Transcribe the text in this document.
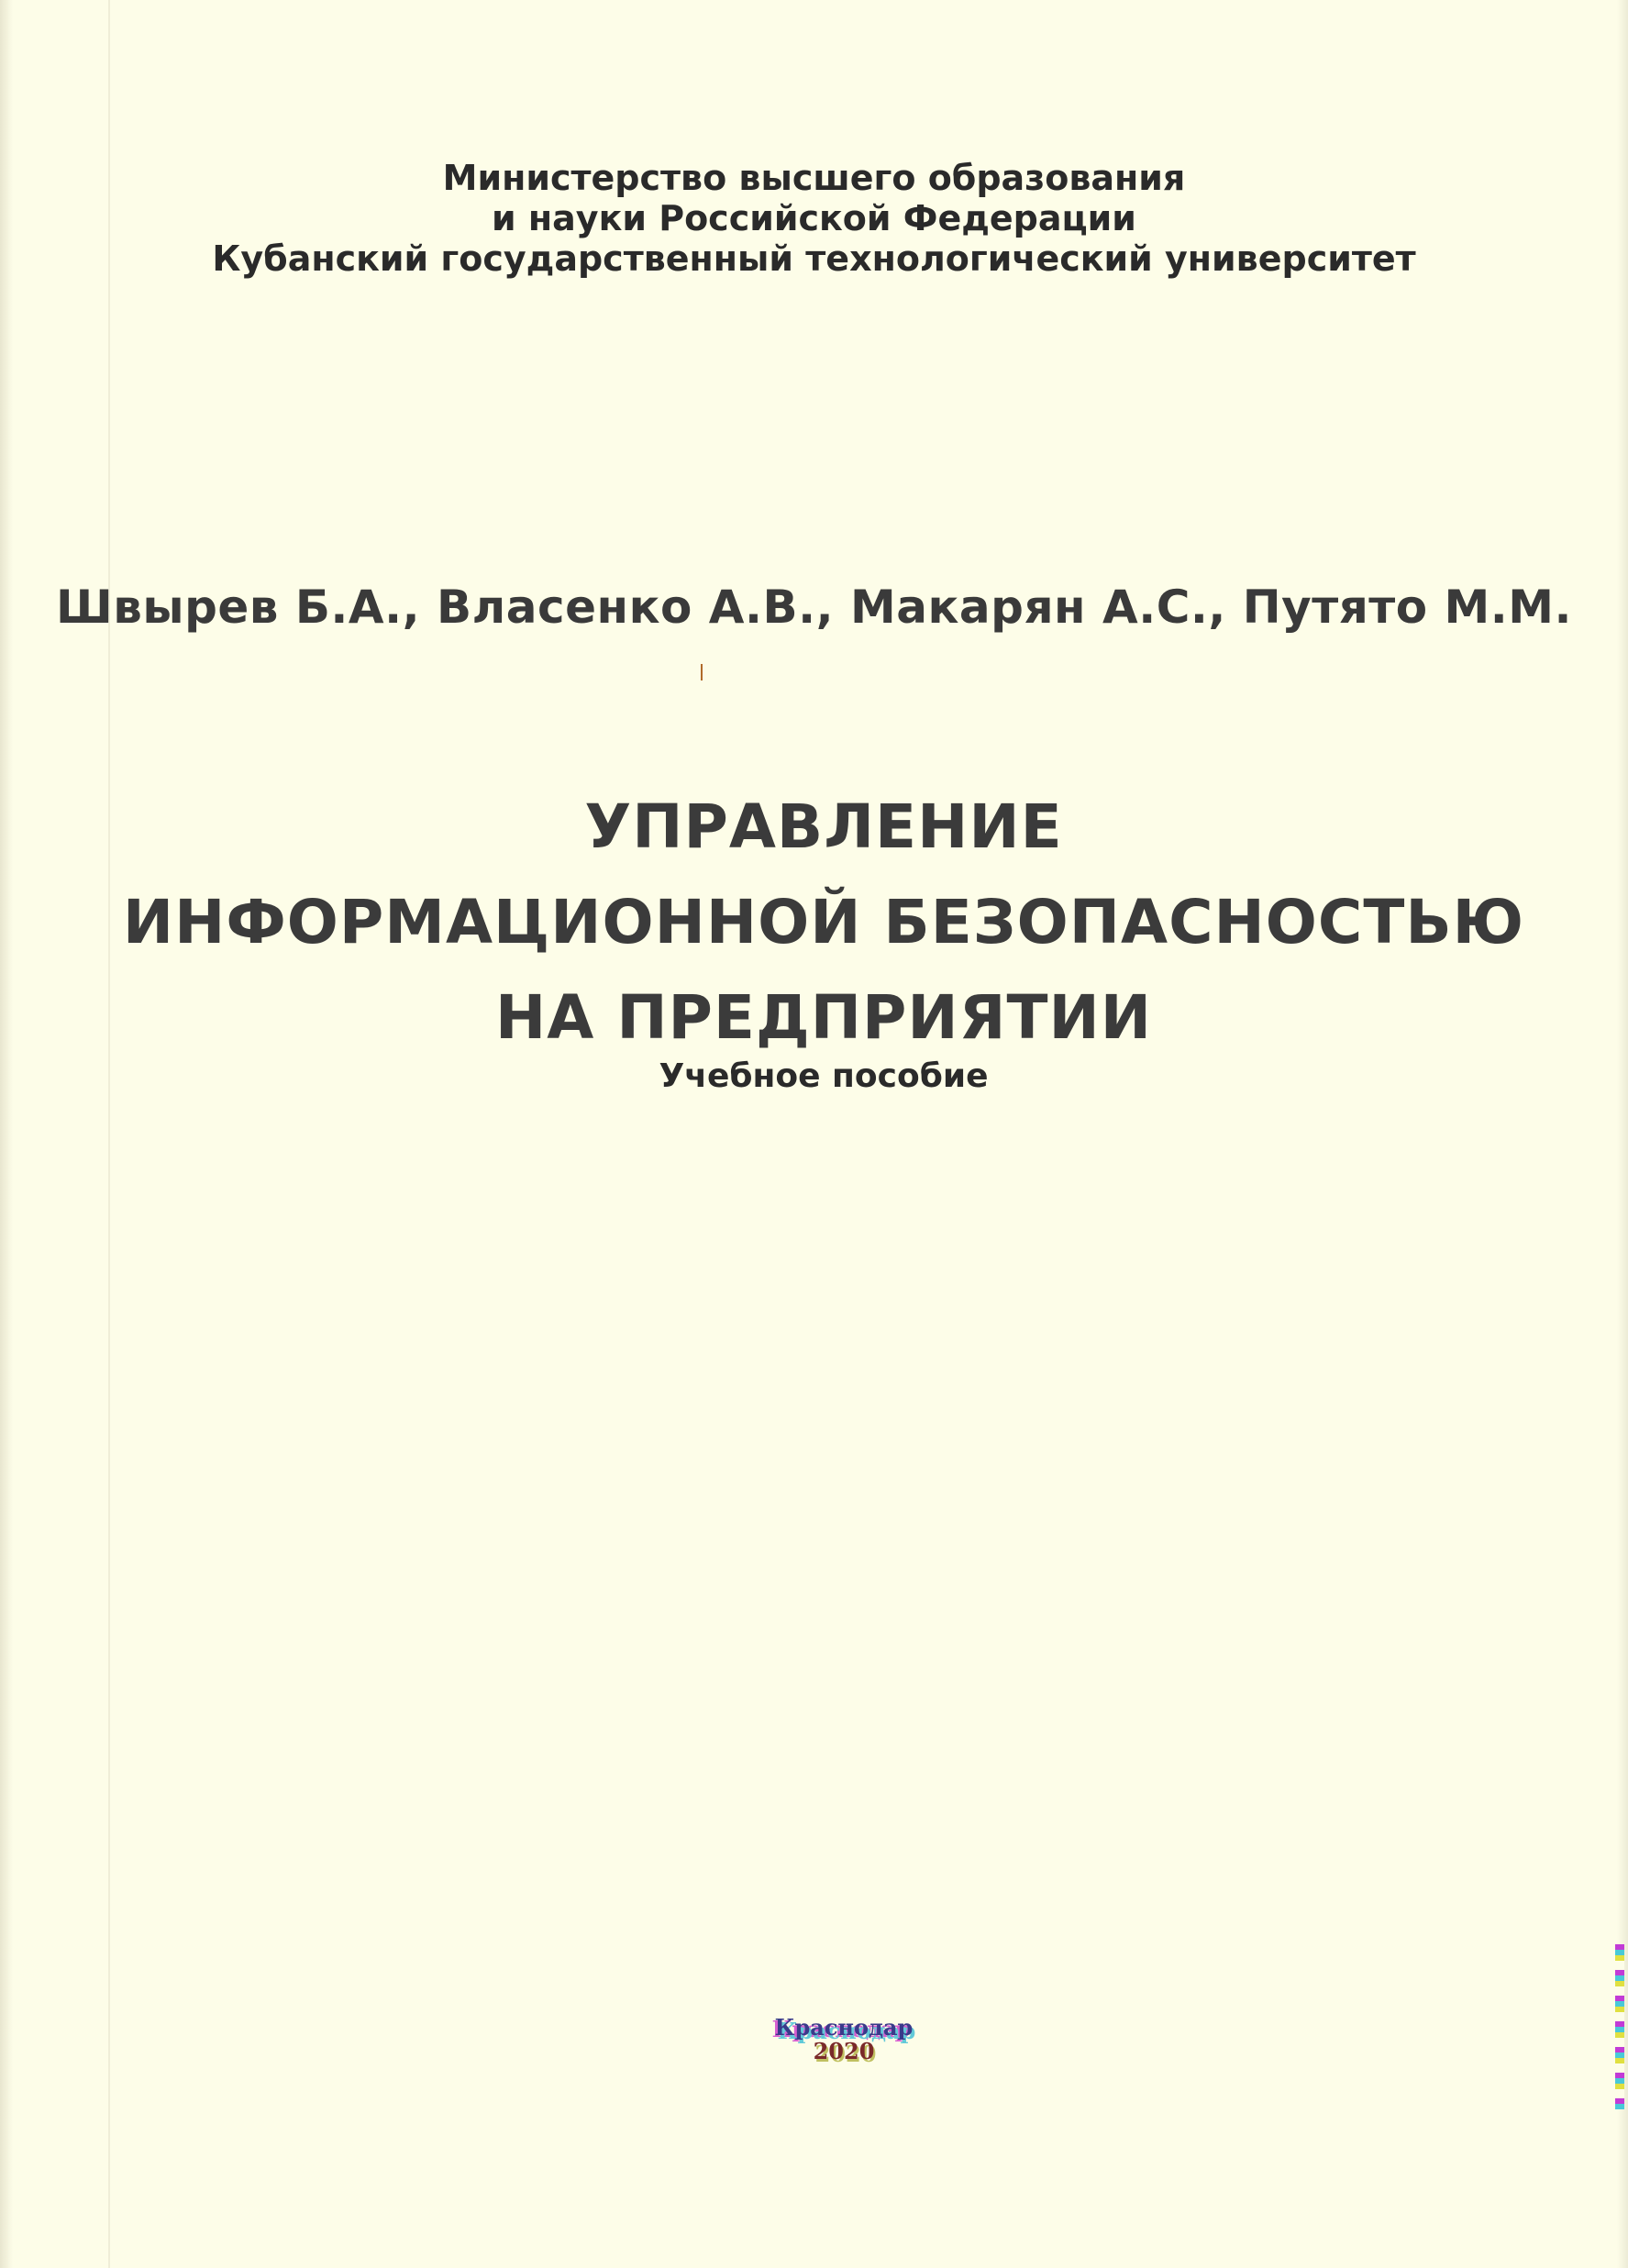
Министерство высшего образования
и науки Российской Федерации
Кубанский государственный технологический университет
Швырев Б.А., Власенко А.В., Макарян А.С., Путято М.М.
УПРАВЛЕНИЕ
ИНФОРМАЦИОННОЙ БЕЗОПАСНОСТЬЮ
НА ПРЕДПРИЯТИИ
Учебное пособие
Краснодар
2020
